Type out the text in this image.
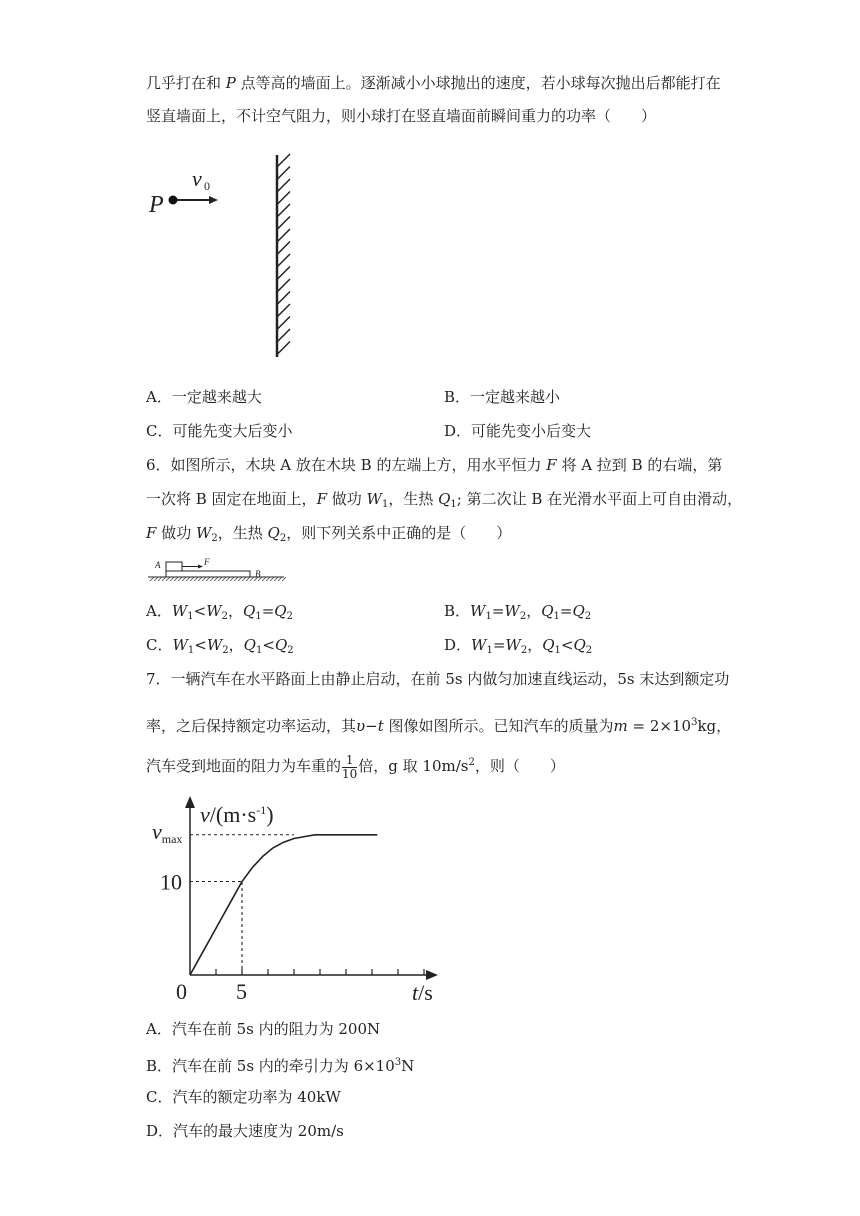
几乎打在和 P 点等高的墙面上。逐渐减小小球抛出的速度，若小球每次抛出后都能打在
竖直墙面上，不计空气阻力，则小球打在竖直墙面前瞬间重力的功率（　　）
P
v 0
A．一定越来越大	B．一定越来越小
C．可能先变大后变小	D．可能先变小后变大
6．如图所示，木块 A 放在木块 B 的左端上方，用水平恒力 F 将 A 拉到 B 的右端，第
一次将 B 固定在地面上，F 做功 $W_1$，生热 $Q_1$; 第二次让 B 在光滑水平面上可自由滑动，
F 做功 $W_2$，生热 $Q_2$，则下列关系中正确的是（　　）
A	F
B
A．$W_1<W_2$，$Q_1=Q_2$	B．$W_1=W_2$，$Q_1=Q_2$
C．$W_1<W_2$，$Q_1<Q_2$	D．$W_1=W_2$，$Q_1<Q_2$
7．一辆汽车在水平路面上由静止启动，在前 5s 内做匀加速直线运动，5s 末达到额定功
率，之后保持额定功率运动，其υ−t 图像如图所示。已知汽车的质量为$m = 2\times 10^3kg$，
汽车受到地面的阻力为车重的 $\frac{1}{10}$ 倍，g 取 $10m/s^2$，则（　　）
$v/(m\cdot s^{-1})$
t/s
0 5
10
vmax
A．汽车在前 5s 内的阻力为 200N
B．汽车在前 5s 内的牵引力为 $6\times 10^3N$
C．汽车的额定功率为 40kW
D．汽车的最大速度为 20m/s
